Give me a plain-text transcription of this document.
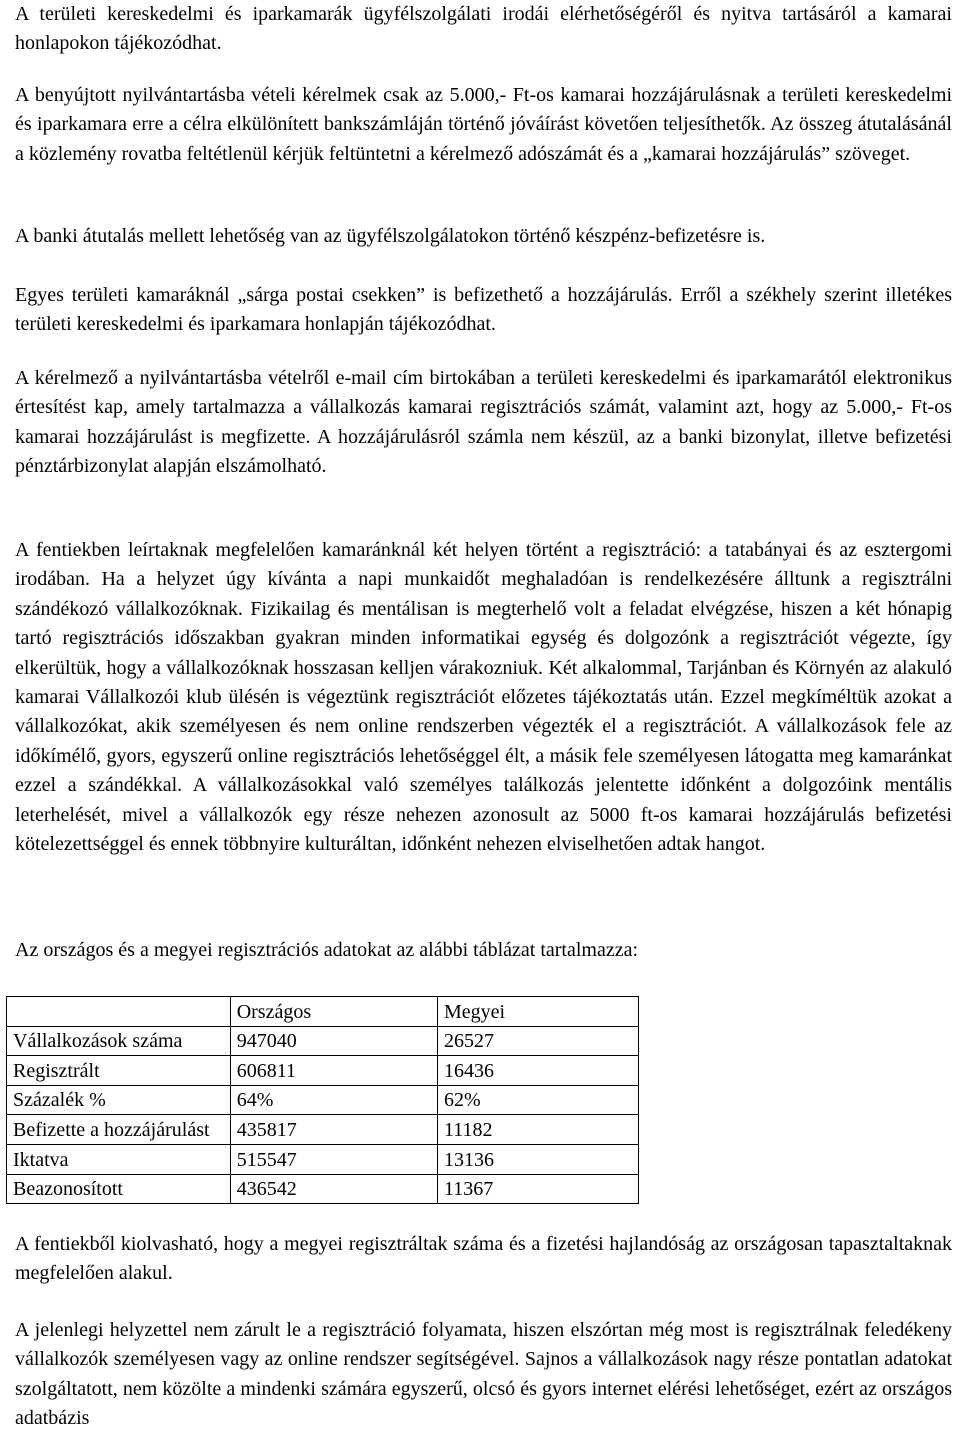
A területi kereskedelmi és iparkamarák ügyfélszolgálati irodái elérhetőségéről és nyitva tartásáról a kamarai honlapokon tájékozódhat.

A benyújtott nyilvántartásba vételi kérelmek csak az 5.000,- Ft-os kamarai hozzájárulásnak a területi kereskedelmi és iparkamara erre a célra elkülönített bankszámláján történő jóváírást követően teljesíthetők. Az összeg átutalásánál a közlemény rovatba feltétlenül kérjük feltüntetni a kérelmező adószámát és a „kamarai hozzájárulás” szöveget.

A banki átutalás mellett lehetőség van az ügyfélszolgálatokon történő készpénz-befizetésre is.

Egyes területi kamaráknál „sárga postai csekken” is befizethető a hozzájárulás. Erről a székhely szerint illetékes területi kereskedelmi és iparkamara honlapján tájékozódhat.

A kérelmező a nyilvántartásba vételről e-mail cím birtokában a területi kereskedelmi és iparkamarától elektronikus értesítést kap, amely tartalmazza a vállalkozás kamarai regisztrációs számát, valamint azt, hogy az 5.000,- Ft-os kamarai hozzájárulást is megfizette. A hozzájárulásról számla nem készül, az a banki bizonylat, illetve befizetési pénztárbizonylat alapján elszámolható.

A fentiekben leírtaknak megfelelően kamaránknál két helyen történt a regisztráció: a tatabányai és az esztergomi irodában. Ha a helyzet úgy kívánta a napi munkaidőt meghaladóan is rendelkezésére álltunk a regisztrálni szándékozó vállalkozóknak. Fizikailag és mentálisan is megterhelő volt a feladat elvégzése, hiszen a két hónapig tartó regisztrációs időszakban gyakran minden informatikai egység és dolgozónk a regisztrációt végezte, így elkerültük, hogy a vállalkozóknak hosszasan kelljen várakozniuk. Két alkalommal, Tarjánban és Környén az alakuló kamarai Vállalkozói klub ülésén is végeztünk regisztrációt előzetes tájékoztatás után. Ezzel megkíméltük azokat a vállalkozókat, akik személyesen és nem online rendszerben végezték el a regisztrációt. A vállalkozások fele az időkímélő, gyors, egyszerű online regisztrációs lehetőséggel élt, a másik fele személyesen látogatta meg kamaránkat ezzel a szándékkal. A vállalkozásokkal való személyes találkozás jelentette időnként a dolgozóink mentális leterhelését, mivel a vállalkozók egy része nehezen azonosult az 5000 ft-os kamarai hozzájárulás befizetési kötelezettséggel és ennek többnyire kulturáltan, időnként nehezen elviselhetően adtak hangot.

Az országos és a megyei regisztrációs adatokat az alábbi táblázat tartalmazza:

A fentiekből kiolvasható, hogy a megyei regisztráltak száma és a fizetési hajlandóság az országosan tapasztaltaknak megfelelően alakul.

A jelenlegi helyzettel nem zárult le a regisztráció folyamata, hiszen elszórtan még most is regisztrálnak feledékeny vállalkozók személyesen vagy az online rendszer segítségével. Sajnos a vállalkozások nagy része pontatlan adatokat szolgáltatott, nem közölte a mindenki számára egyszerű, olcsó és gyors internet elérési lehetőséget, ezért az országos adatbázis

	Országos	Megyei
Vállalkozások száma	947040	26527
Regisztrált	606811	16436
Százalék %	64%	62%
Befizette a hozzájárulást	435817	11182
Iktatva	515547	13136
Beazonosított	436542	11367
